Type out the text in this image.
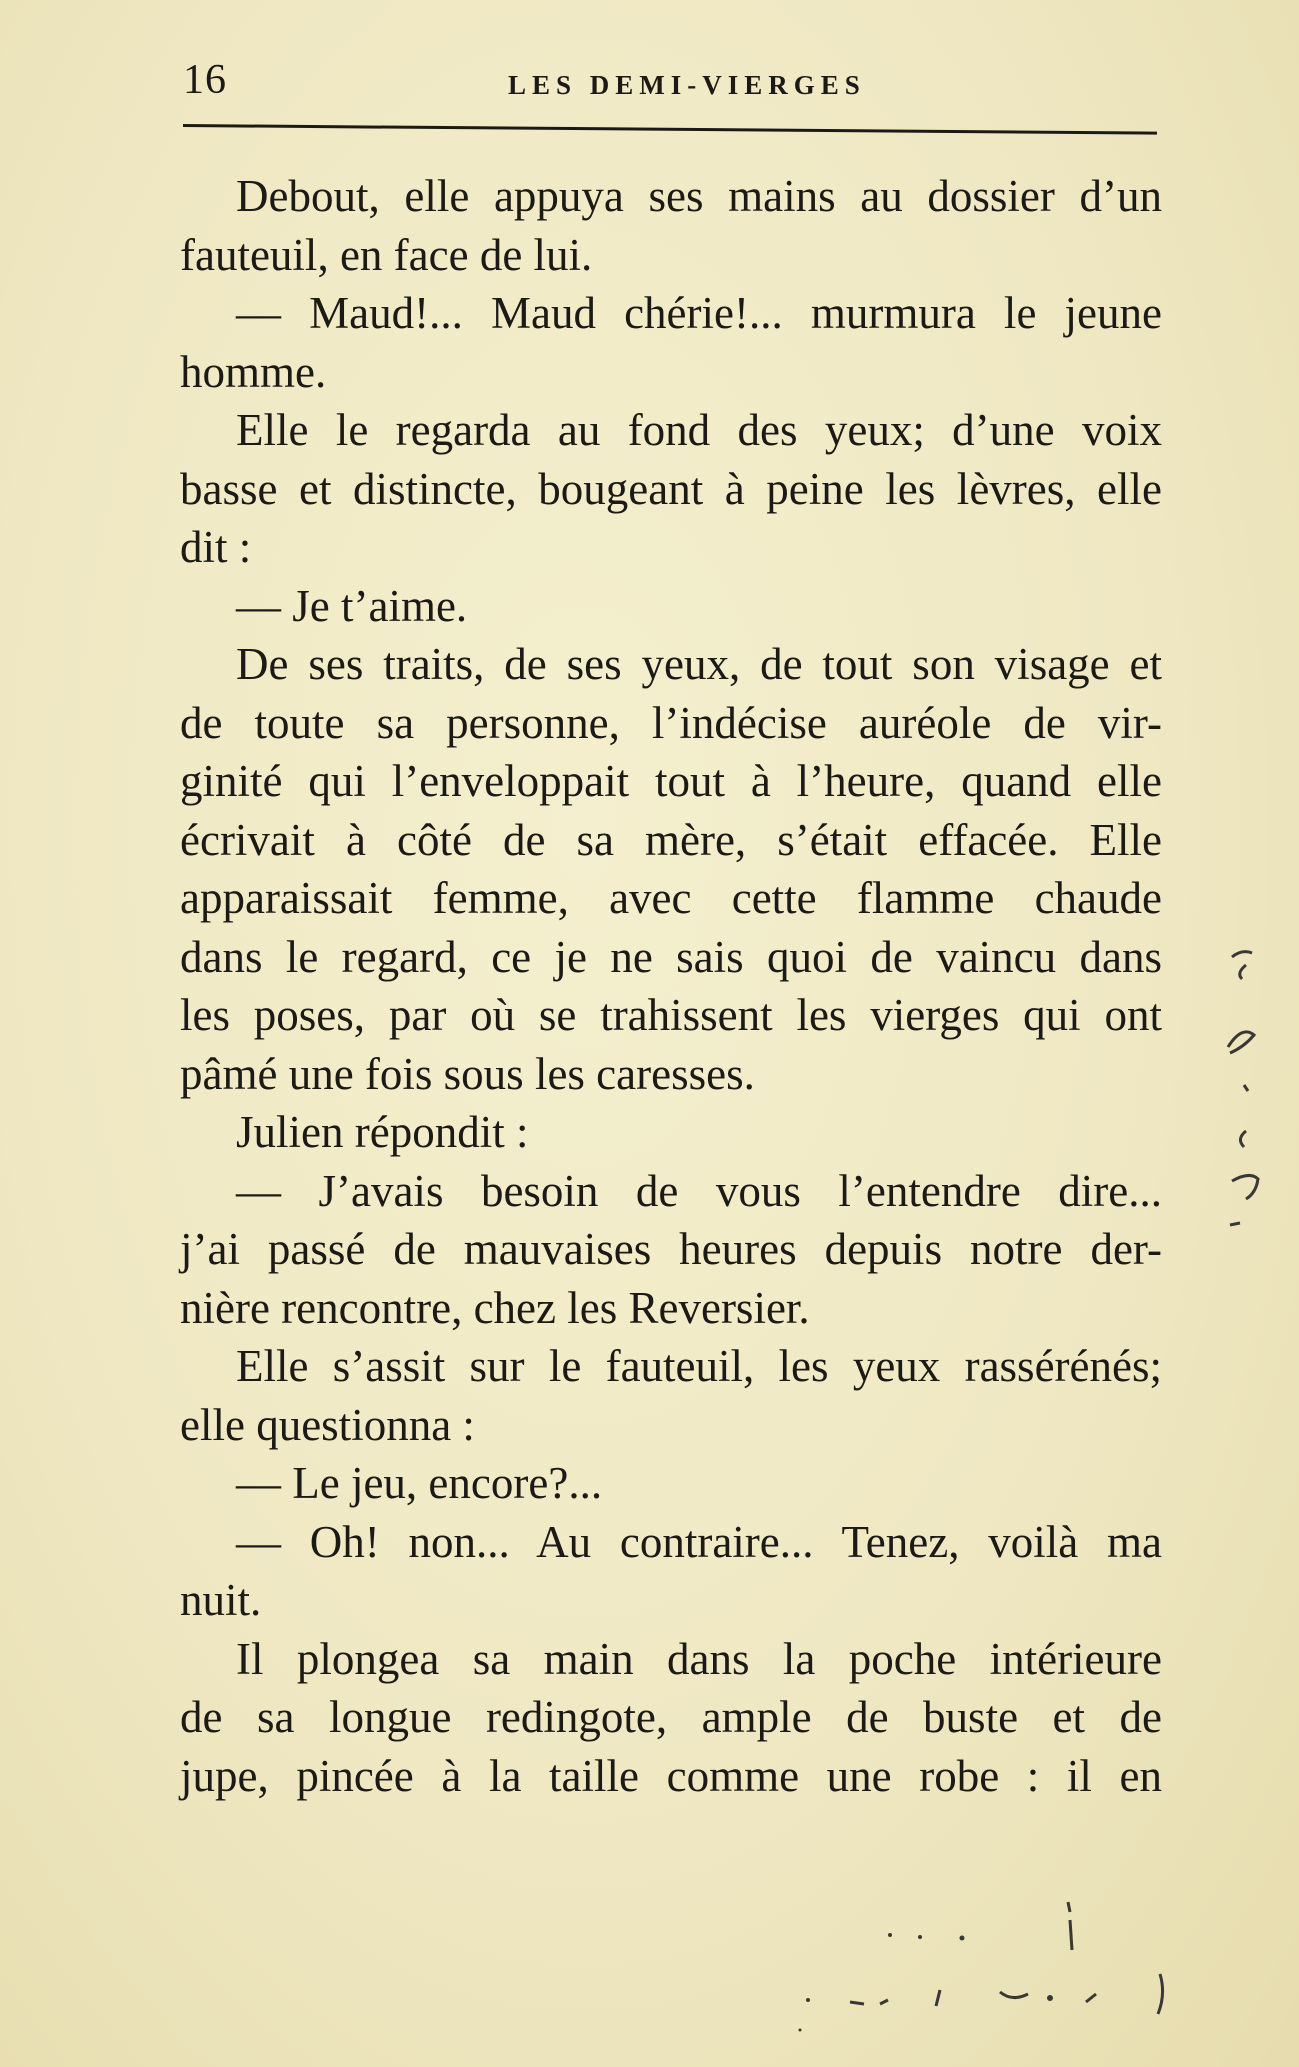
16	LES DEMI-VIERGES
Debout, elle appuya ses mains au dossier d’un
fauteuil, en face de lui.
— Maud!... Maud chérie!... murmura le jeune
homme.
Elle le regarda au fond des yeux; d’une voix
basse et distincte, bougeant à peine les lèvres, elle
dit :
— Je t’aime.
De ses traits, de ses yeux, de tout son visage et
de toute sa personne, l’indécise auréole de vir-
ginité qui l’enveloppait tout à l’heure, quand elle
écrivait à côté de sa mère, s’était effacée. Elle
apparaissait femme, avec cette flamme chaude
dans le regard, ce je ne sais quoi de vaincu dans
les poses, par où se trahissent les vierges qui ont
pâmé une fois sous les caresses.
Julien répondit :
— J’avais besoin de vous l’entendre dire...
j’ai passé de mauvaises heures depuis notre der-
nière rencontre, chez les Reversier.
Elle s’assit sur le fauteuil, les yeux rassérénés;
elle questionna :
— Le jeu, encore?...
— Oh! non... Au contraire... Tenez, voilà ma
nuit.
Il plongea sa main dans la poche intérieure
de sa longue redingote, ample de buste et de
jupe, pincée à la taille comme une robe : il en
